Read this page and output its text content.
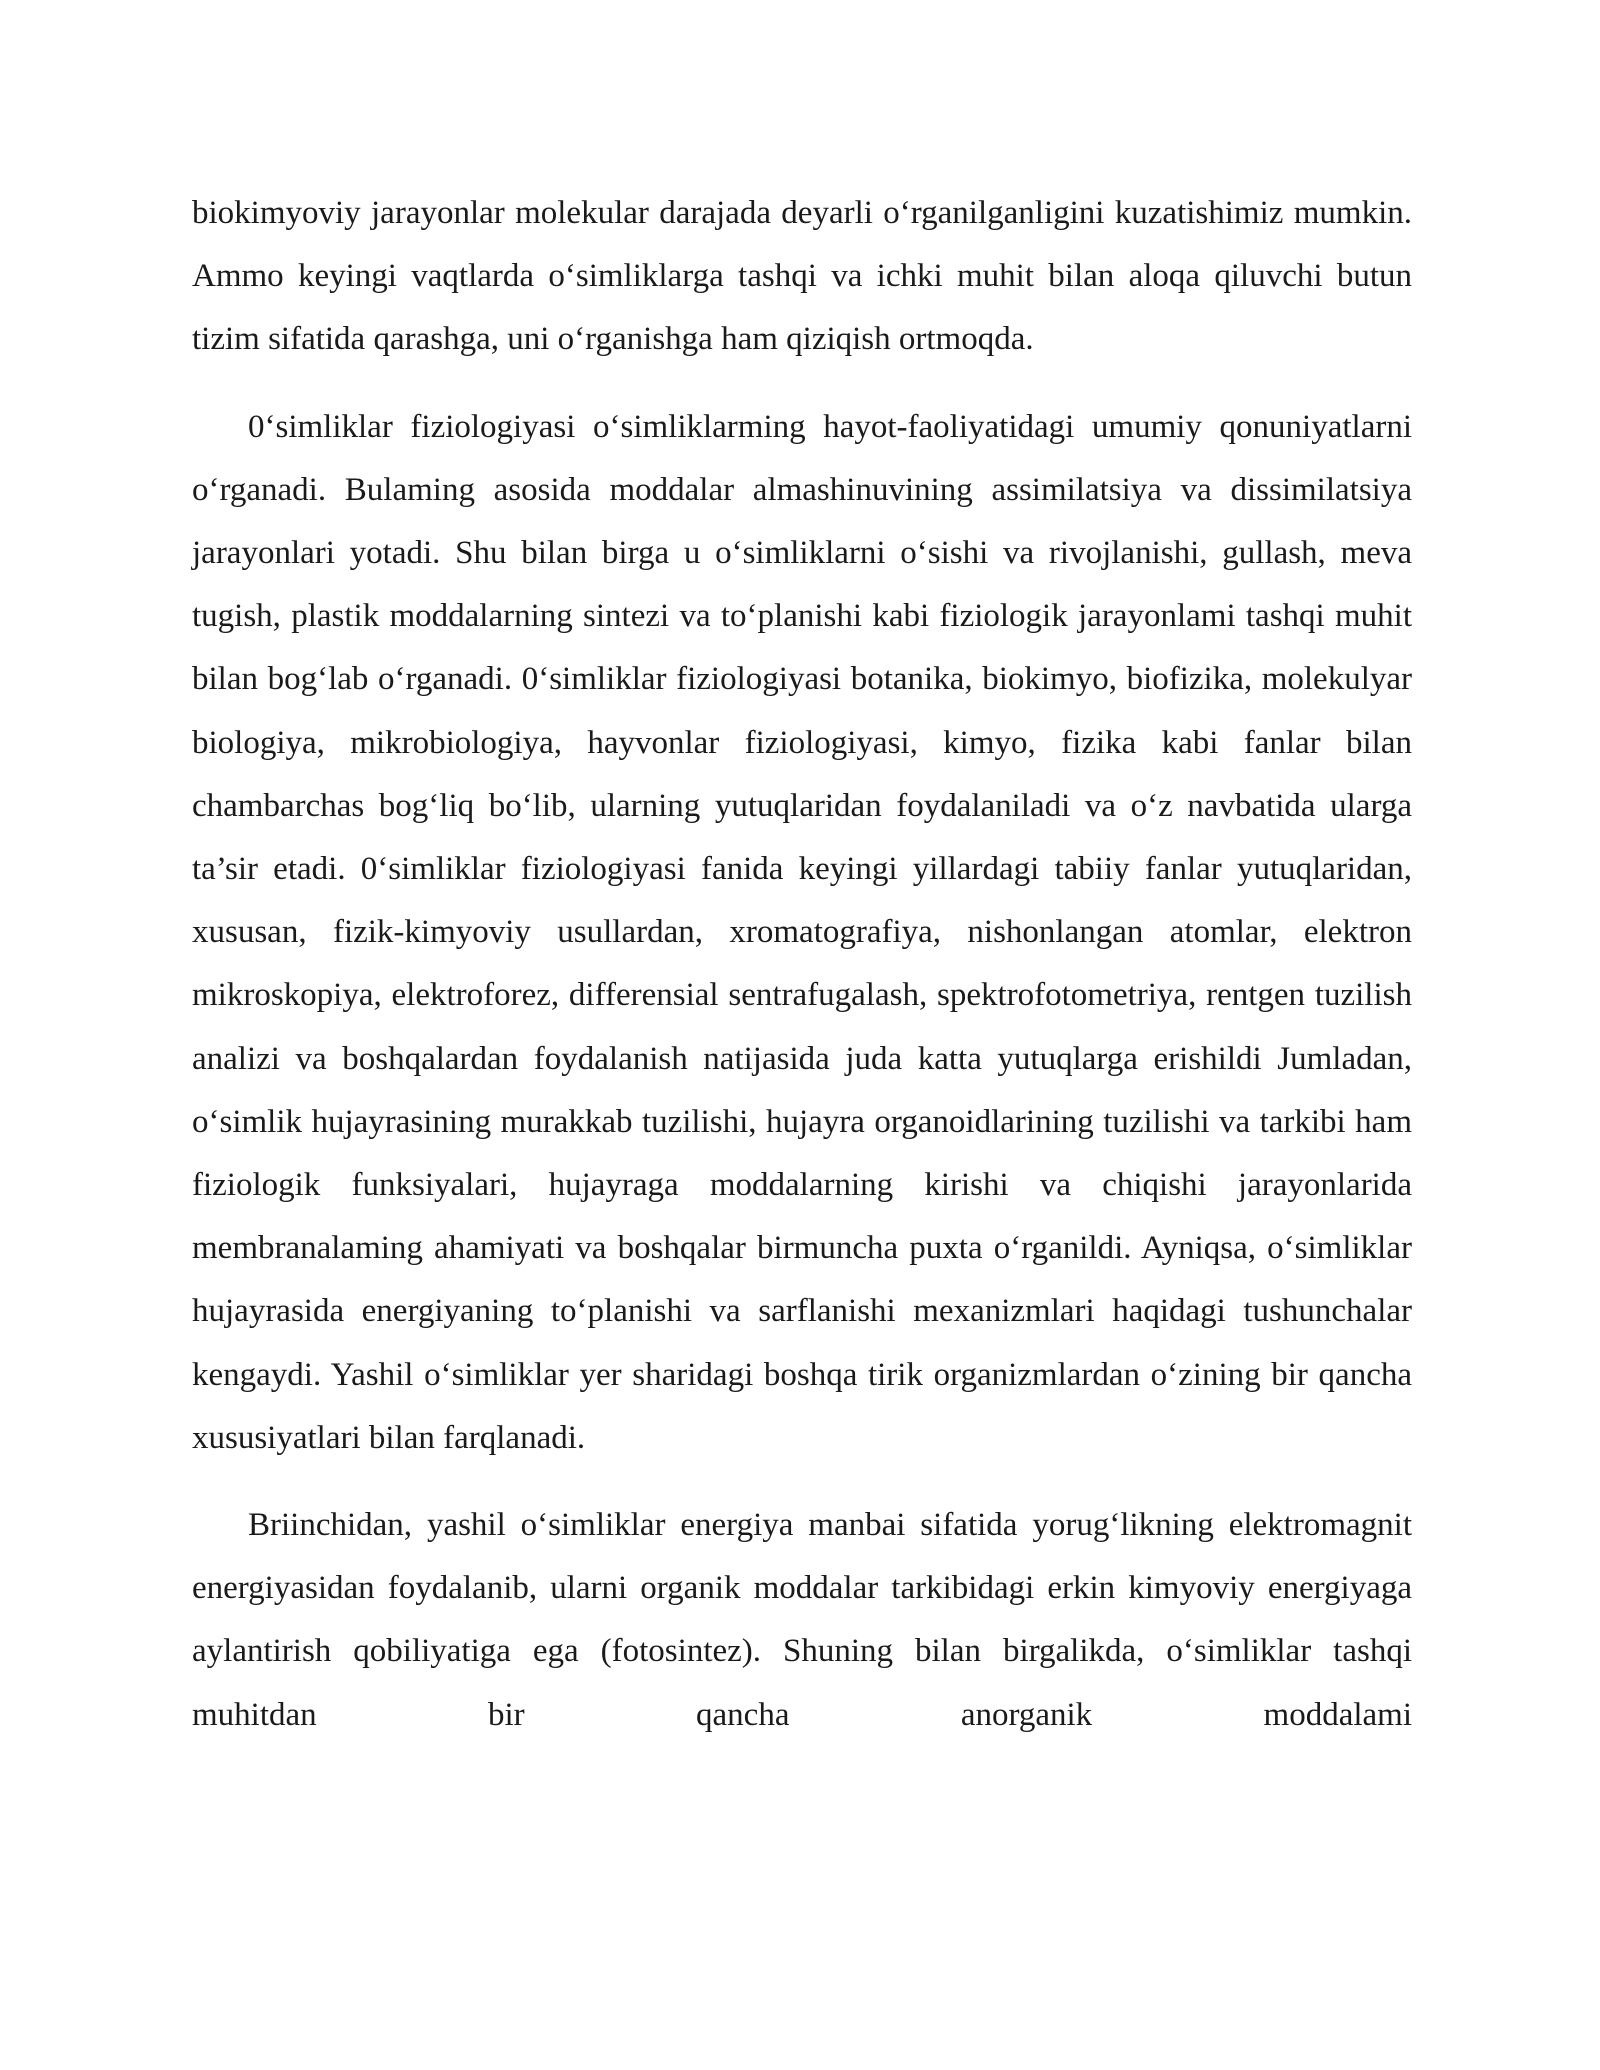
biokimyoviy jarayonlar molekular darajada deyarli o‘rganilganligini kuzatishimiz mumkin. Ammo keyingi vaqtlarda o‘simliklarga tashqi va ichki muhit bilan aloqa qiluvchi butun tizim sifatida qarashga, uni o‘rganishga ham qiziqish ortmoqda.

0‘simliklar fiziologiyasi o‘simliklarming hayot-faoliyatidagi umumiy qonuniyatlarni o‘rganadi. Bulaming asosida moddalar almashinuvining assimilatsiya va dissimilatsiya jarayonlari yotadi. Shu bilan birga u o‘simliklarni o‘sishi va rivojlanishi, gullash, meva tugish, plastik moddalarning sintezi va to‘planishi kabi fiziologik jarayonlami tashqi muhit bilan bog‘lab o‘rganadi. 0‘simliklar fiziologiyasi botanika, biokimyo, biofizika, molekulyar biologiya, mikrobiologiya, hayvonlar fiziologiyasi, kimyo, fizika kabi fanlar bilan chambarchas bog‘liq bo‘lib, ularning yutuqlaridan foydalaniladi va o‘z navbatida ularga ta’sir etadi. 0‘simliklar fiziologiyasi fanida keyingi yillardagi tabiiy fanlar yutuqlaridan, xususan, fizik-kimyoviy usullardan, xromatografiya, nishonlangan atomlar, elektron mikroskopiya, elektroforez, differensial sentrafugalash, spektrofotometriya, rentgen tuzilish analizi va boshqalardan foydalanish natijasida juda katta yutuqlarga erishildi Jumladan, o‘simlik hujayrasining murakkab tuzilishi, hujayra organoidlarining tuzilishi va tarkibi ham fiziologik funksiyalari, hujayraga moddalarning kirishi va chiqishi jarayonlarida membranalaming ahamiyati va boshqalar birmuncha puxta o‘rganildi. Ayniqsa, o‘simliklar hujayrasida energiyaning to‘planishi va sarflanishi mexanizmlari haqidagi tushunchalar kengaydi. Yashil o‘simliklar yer sharidagi boshqa tirik organizmlardan o‘zining bir qancha xususiyatlari bilan farqlanadi.

Briinchidan, yashil o‘simliklar energiya manbai sifatida yorug‘likning elektromagnit energiyasidan foydalanib, ularni organik moddalar tarkibidagi erkin kimyoviy energiyaga aylantirish qobiliyatiga ega (fotosintez). Shuning bilan birgalikda, o‘simliklar tashqi muhitdan bir qancha anorganik moddalami
